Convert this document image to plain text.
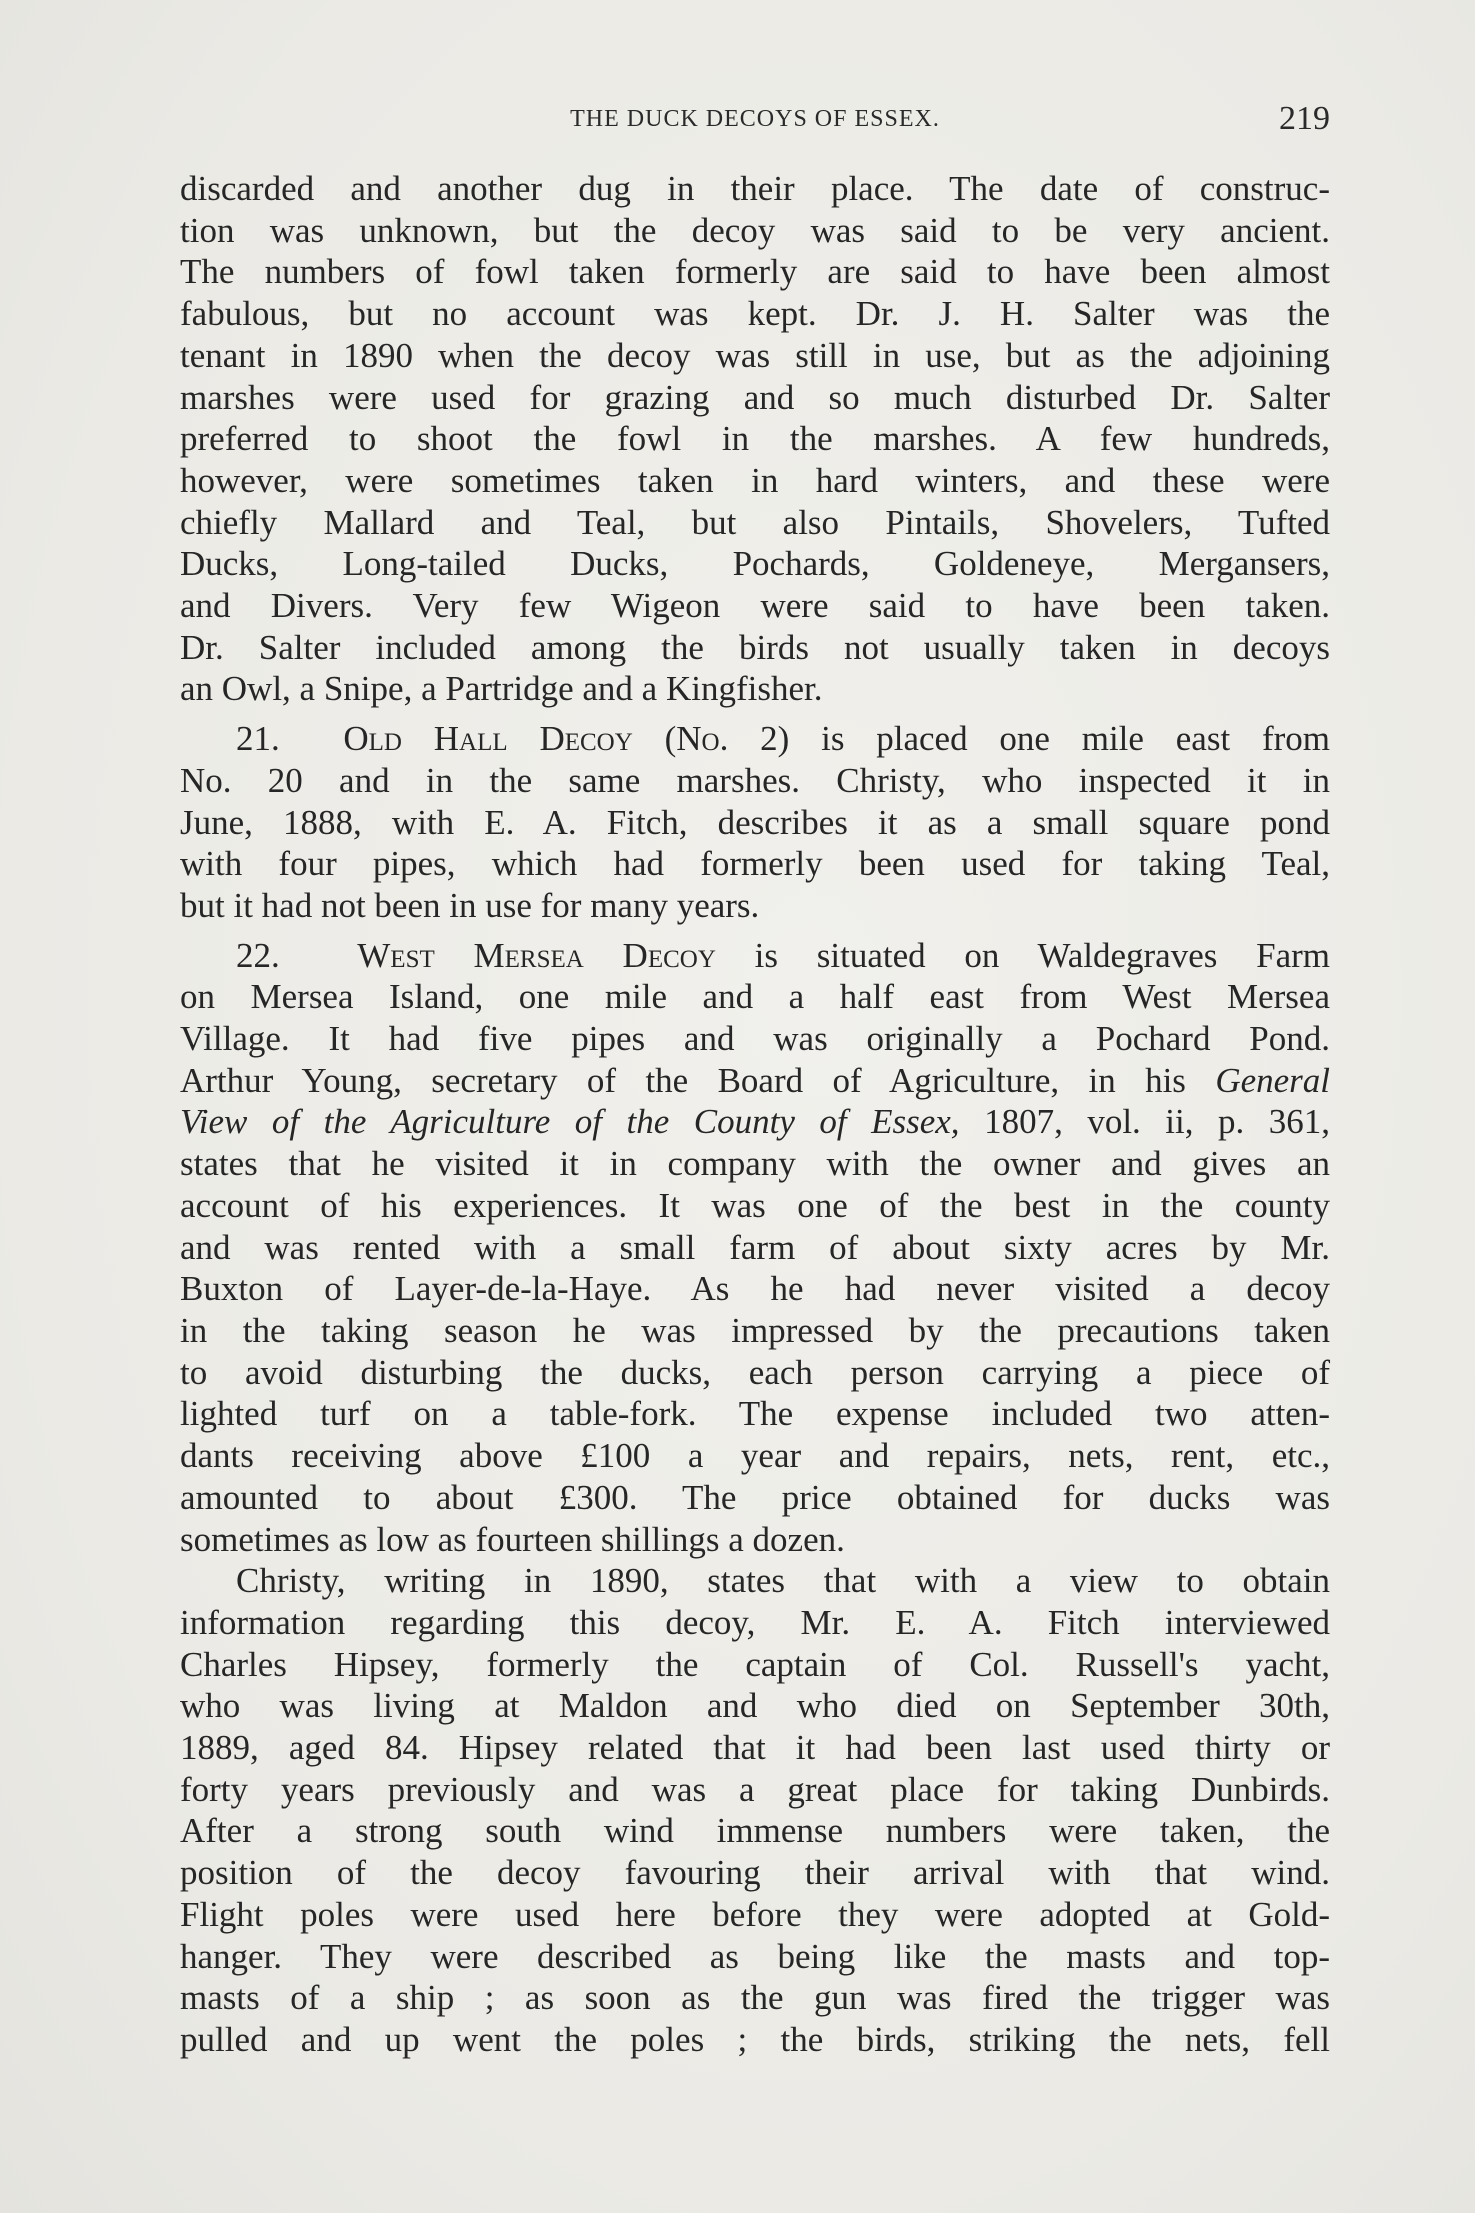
THE DUCK DECOYS OF ESSEX.	219
discarded and another dug in their place. The date of construc-
tion was unknown, but the decoy was said to be very ancient.
The numbers of fowl taken formerly are said to have been almost
fabulous, but no account was kept. Dr. J. H. Salter was the
tenant in 1890 when the decoy was still in use, but as the adjoining
marshes were used for grazing and so much disturbed Dr. Salter
preferred to shoot the fowl in the marshes. A few hundreds,
however, were sometimes taken in hard winters, and these were
chiefly Mallard and Teal, but also Pintails, Shovelers, Tufted
Ducks, Long-tailed Ducks, Pochards, Goldeneye, Mergansers,
and Divers. Very few Wigeon were said to have been taken.
Dr. Salter included among the birds not usually taken in decoys
an Owl, a Snipe, a Partridge and a Kingfisher.
21. Old Hall Decoy (No. 2) is placed one mile east from
No. 20 and in the same marshes. Christy, who inspected it in
June, 1888, with E. A. Fitch, describes it as a small square pond
with four pipes, which had formerly been used for taking Teal,
but it had not been in use for many years.
22. West Mersea Decoy is situated on Waldegraves Farm
on Mersea Island, one mile and a half east from West Mersea
Village. It had five pipes and was originally a Pochard Pond.
Arthur Young, secretary of the Board of Agriculture, in his General
View of the Agriculture of the County of Essex, 1807, vol. ii, p. 361,
states that he visited it in company with the owner and gives an
account of his experiences. It was one of the best in the county
and was rented with a small farm of about sixty acres by Mr.
Buxton of Layer-de-la-Haye. As he had never visited a decoy
in the taking season he was impressed by the precautions taken
to avoid disturbing the ducks, each person carrying a piece of
lighted turf on a table-fork. The expense included two atten-
dants receiving above £100 a year and repairs, nets, rent, etc.,
amounted to about £300. The price obtained for ducks was
sometimes as low as fourteen shillings a dozen.
Christy, writing in 1890, states that with a view to obtain
information regarding this decoy, Mr. E. A. Fitch interviewed
Charles Hipsey, formerly the captain of Col. Russell's yacht,
who was living at Maldon and who died on September 30th,
1889, aged 84. Hipsey related that it had been last used thirty or
forty years previously and was a great place for taking Dunbirds.
After a strong south wind immense numbers were taken, the
position of the decoy favouring their arrival with that wind.
Flight poles were used here before they were adopted at Gold-
hanger. They were described as being like the masts and top-
masts of a ship ; as soon as the gun was fired the trigger was
pulled and up went the poles ; the birds, striking the nets, fell
